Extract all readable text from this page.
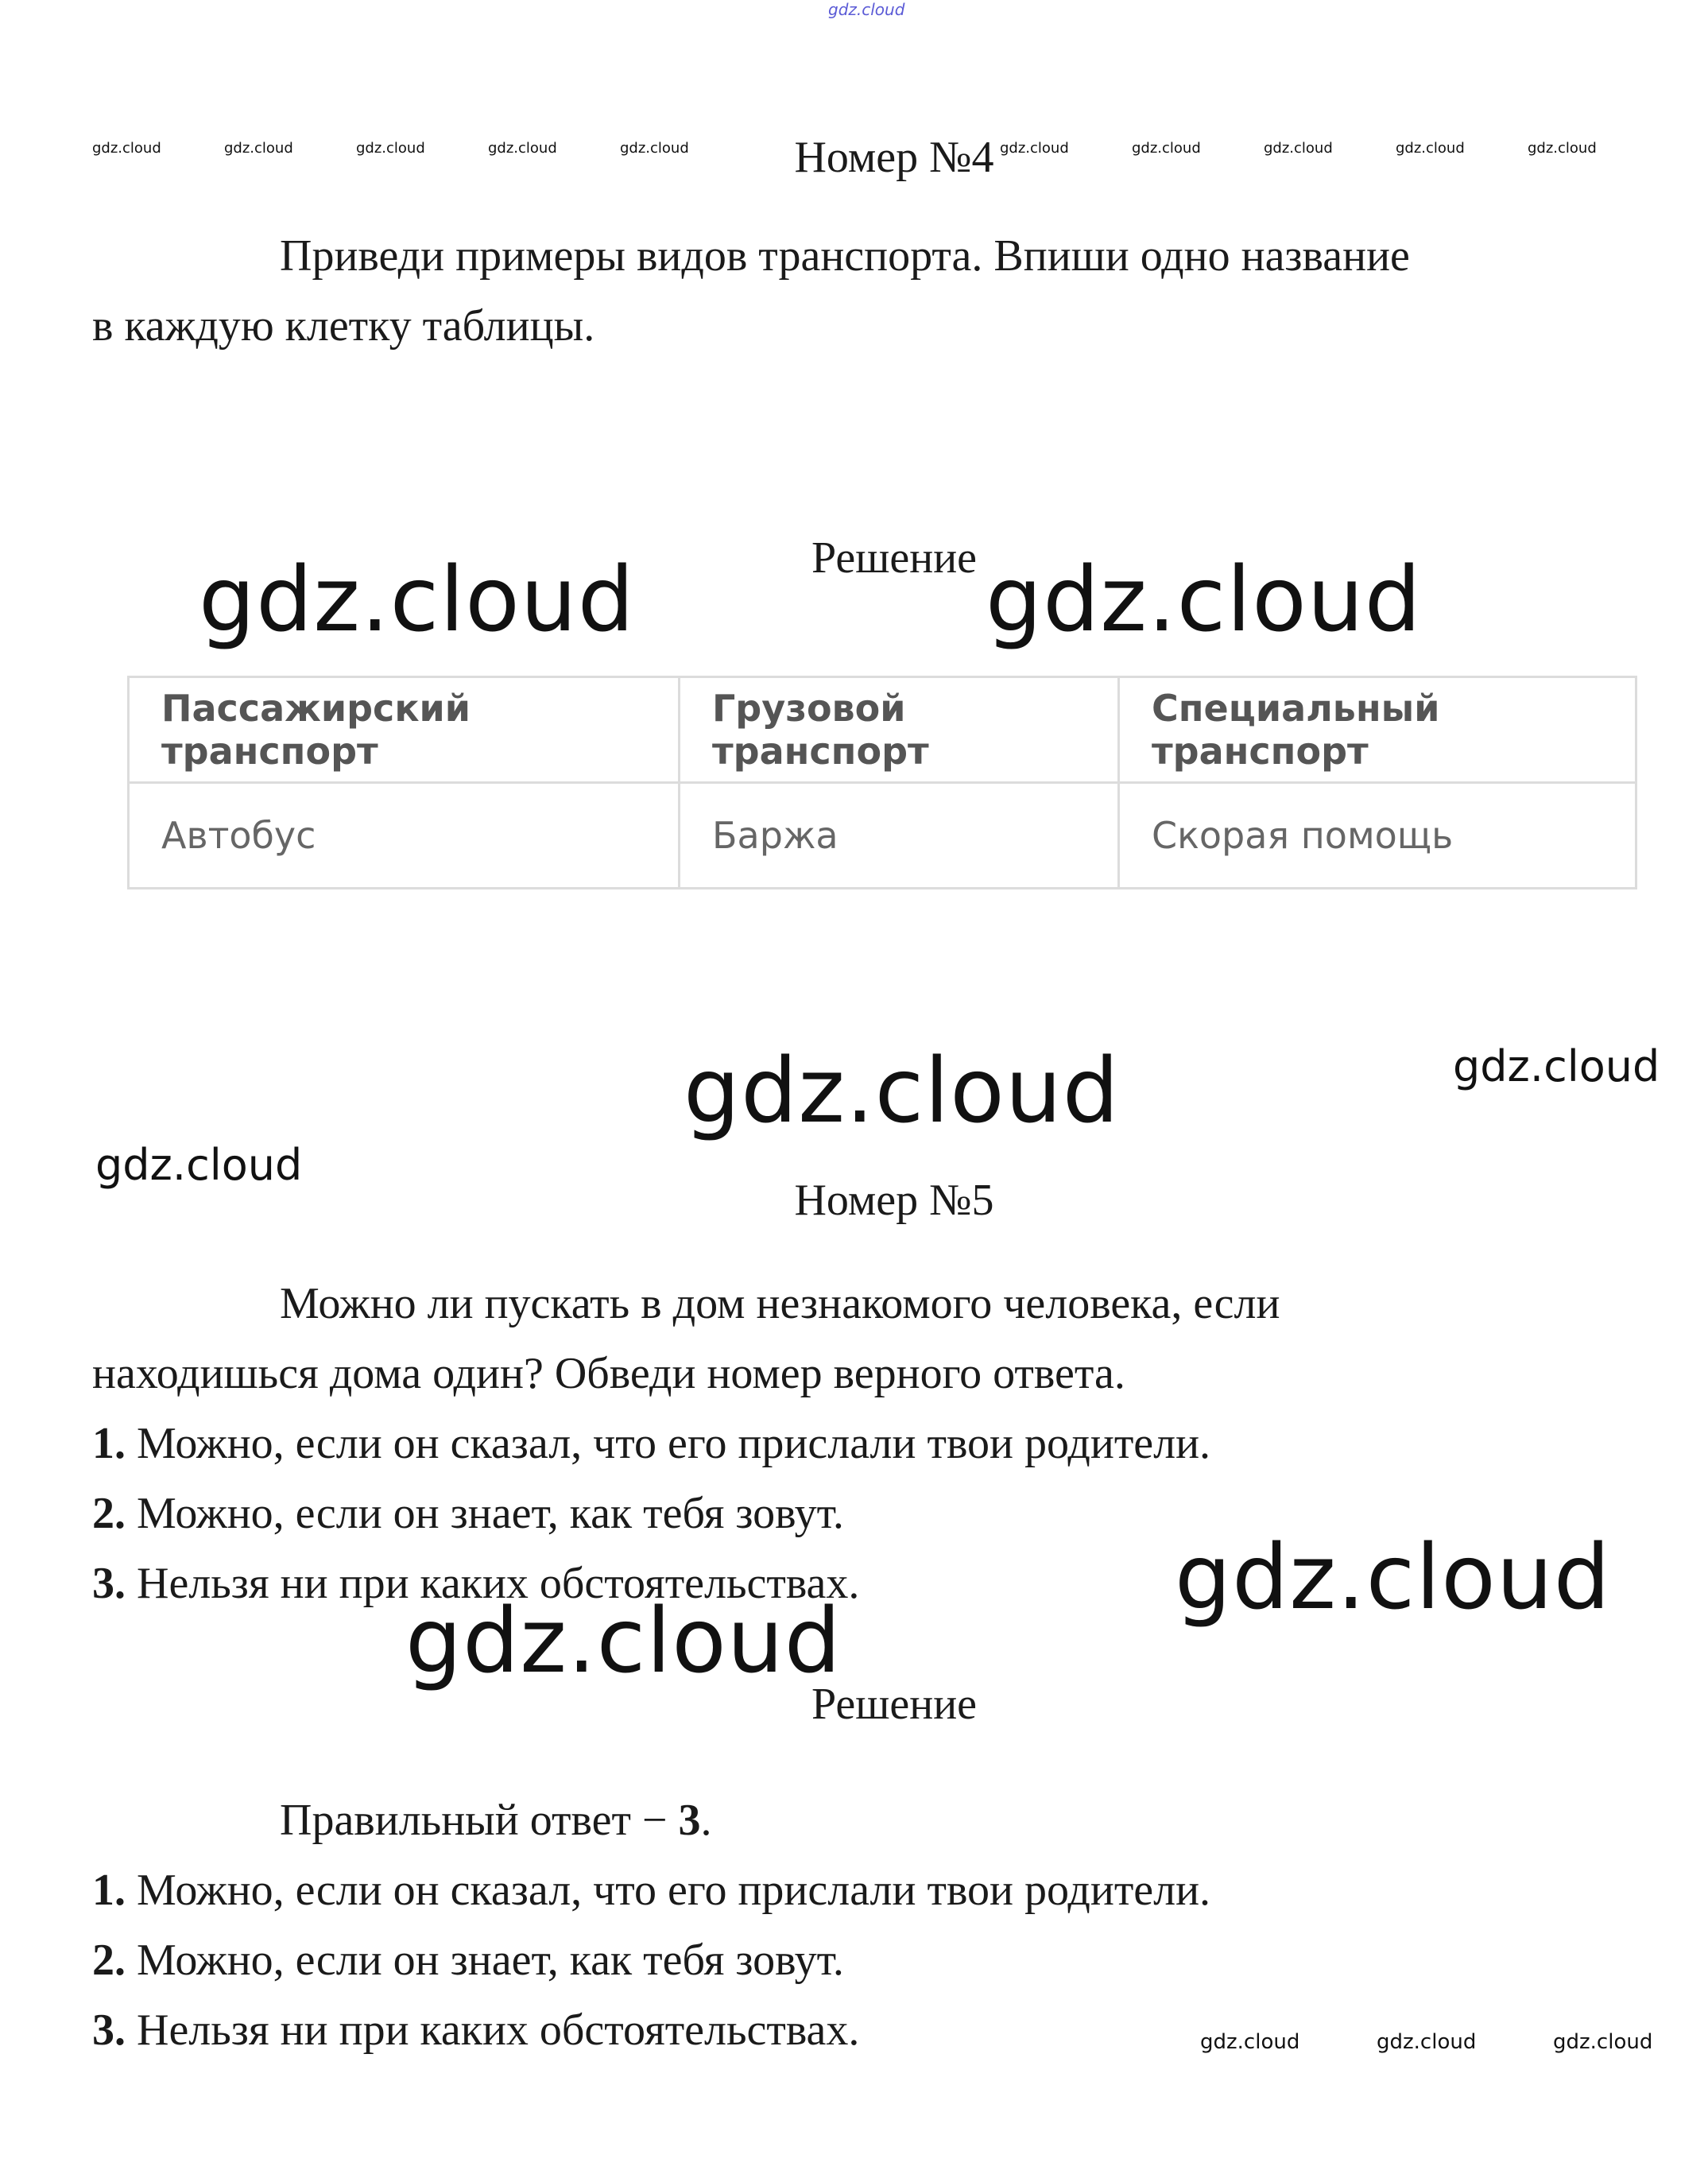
gdz.cloud
gdz.cloud	gdz.cloud	gdz.cloud	gdz.cloud	gdz.cloud	gdz.cloud	gdz.cloud	gdz.cloud	gdz.cloud	gdz.cloud
Номер №4
Приведи примеры видов транспорта. Впиши одно название
в каждую клетку таблицы.
Решение
gdz.cloud	gdz.cloud
Пассажирский транспорт	Грузовой транспорт	Специальный транспорт
Автобус	Баржа	Скорая помощь
gdz.cloud	gdz.cloud
gdz.cloud
Номер №5
Можно ли пускать в дом незнакомого человека, если
находишься дома один? Обведи номер верного ответа.
1. Можно, если он сказал, что его прислали твои родители.
2. Можно, если он знает, как тебя зовут.
3. Нельзя ни при каких обстоятельствах.	gdz.cloud
gdz.cloud
Решение
Правильный ответ − 3.
1. Можно, если он сказал, что его прислали твои родители.
2. Можно, если он знает, как тебя зовут.
3. Нельзя ни при каких обстоятельствах.	gdz.cloud	gdz.cloud	gdz.cloud
